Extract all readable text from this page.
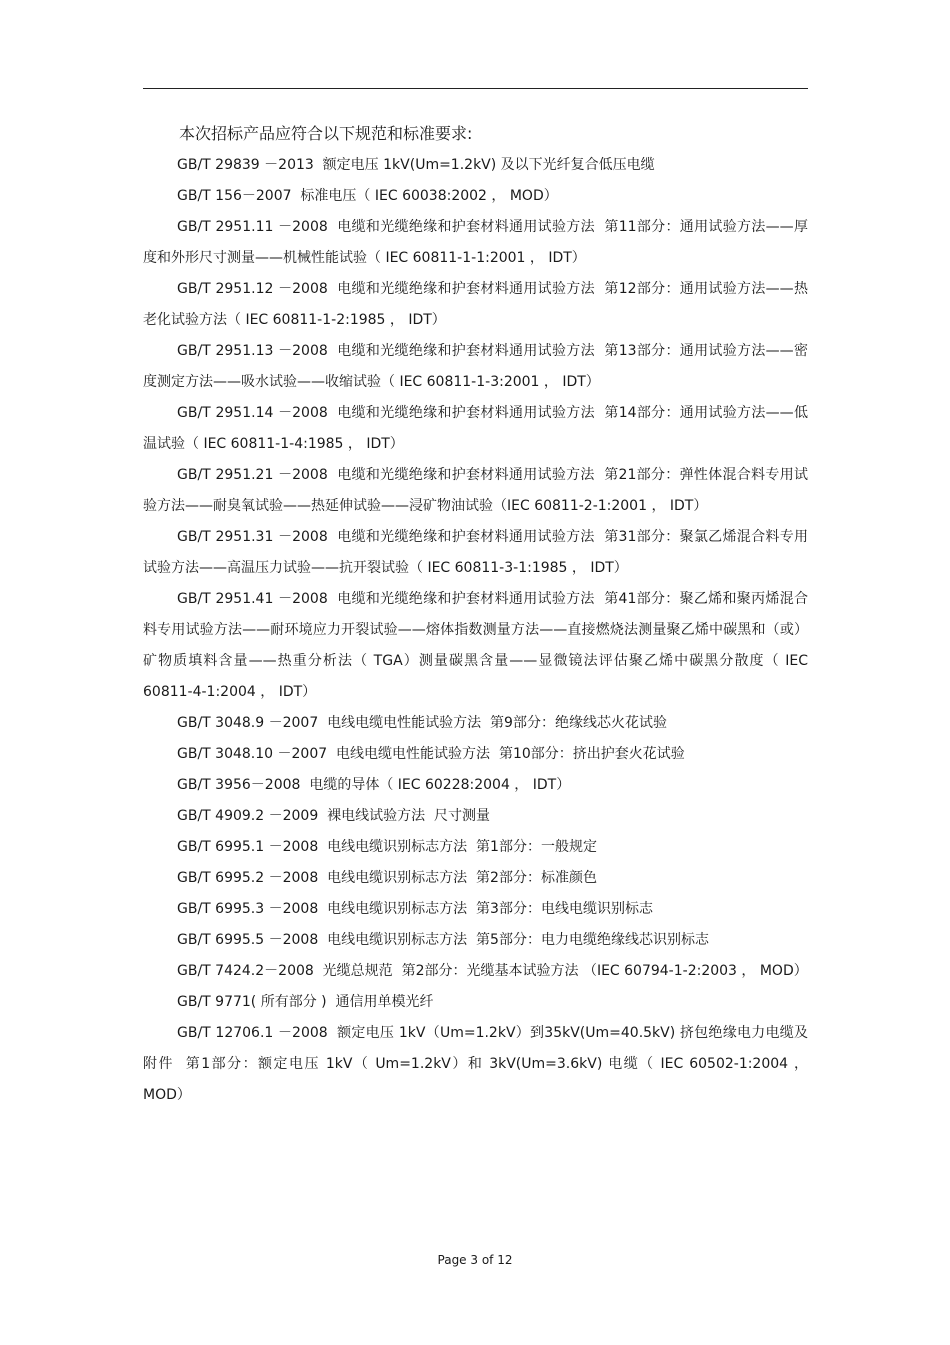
本次招标产品应符合以下规范和标准要求:

GB/T 29839 －2013  额定电压 1kV(Um=1.2kV) 及以下光纤复合低压电缆

GB/T 156－2007  标准电压（ IEC 60038:2002 ， MOD）

GB/T 2951.11 －2008  电缆和光缆绝缘和护套材料通用试验方法  第11部分：通用试验方法——厚度和外形尺寸测量——机械性能试验（ IEC 60811-1-1:2001 ， IDT）

GB/T 2951.12 －2008  电缆和光缆绝缘和护套材料通用试验方法  第12部分：通用试验方法——热老化试验方法（ IEC 60811-1-2:1985 ， IDT）

GB/T 2951.13 －2008  电缆和光缆绝缘和护套材料通用试验方法  第13部分：通用试验方法——密度测定方法——吸水试验——收缩试验（ IEC 60811-1-3:2001 ， IDT）

GB/T 2951.14 －2008  电缆和光缆绝缘和护套材料通用试验方法  第14部分：通用试验方法——低温试验（ IEC 60811-1-4:1985 ， IDT）

GB/T 2951.21 －2008  电缆和光缆绝缘和护套材料通用试验方法  第21部分：弹性体混合料专用试验方法——耐臭氧试验——热延伸试验——浸矿物油试验（IEC 60811-2-1:2001 ， IDT）

GB/T 2951.31 －2008  电缆和光缆绝缘和护套材料通用试验方法  第31部分：聚氯乙烯混合料专用试验方法——高温压力试验——抗开裂试验（ IEC 60811-3-1:1985 ， IDT）

GB/T 2951.41 －2008  电缆和光缆绝缘和护套材料通用试验方法  第41部分：聚乙烯和聚丙烯混合料专用试验方法——耐环境应力开裂试验——熔体指数测量方法——直接燃烧法测量聚乙烯中碳黑和（或）矿物质填料含量——热重分析法（ TGA）测量碳黑含量——显微镜法评估聚乙烯中碳黑分散度（ IEC 60811-4-1:2004 ， IDT）

GB/T 3048.9 －2007  电线电缆电性能试验方法  第9部分：绝缘线芯火花试验

GB/T 3048.10 －2007  电线电缆电性能试验方法  第10部分：挤出护套火花试验

GB/T 3956－2008  电缆的导体（ IEC 60228:2004 ， IDT）

GB/T 4909.2 －2009  裸电线试验方法  尺寸测量

GB/T 6995.1 －2008  电线电缆识别标志方法  第1部分：一般规定

GB/T 6995.2 －2008  电线电缆识别标志方法  第2部分：标准颜色

GB/T 6995.3 －2008  电线电缆识别标志方法  第3部分：电线电缆识别标志

GB/T 6995.5 －2008  电线电缆识别标志方法  第5部分：电力电缆绝缘线芯识别标志

GB/T 7424.2－2008  光缆总规范  第2部分：光缆基本试验方法 （IEC 60794-1-2:2003 ， MOD）

GB/T 9771( 所有部分 )  通信用单模光纤

GB/T 12706.1 －2008  额定电压 1kV（Um=1.2kV）到35kV(Um=40.5kV) 挤包绝缘电力电缆及附件  第1部分：额定电压 1kV（ Um=1.2kV）和 3kV(Um=3.6kV) 电缆（ IEC 60502-1:2004 ， MOD）

Page 3 of 12
